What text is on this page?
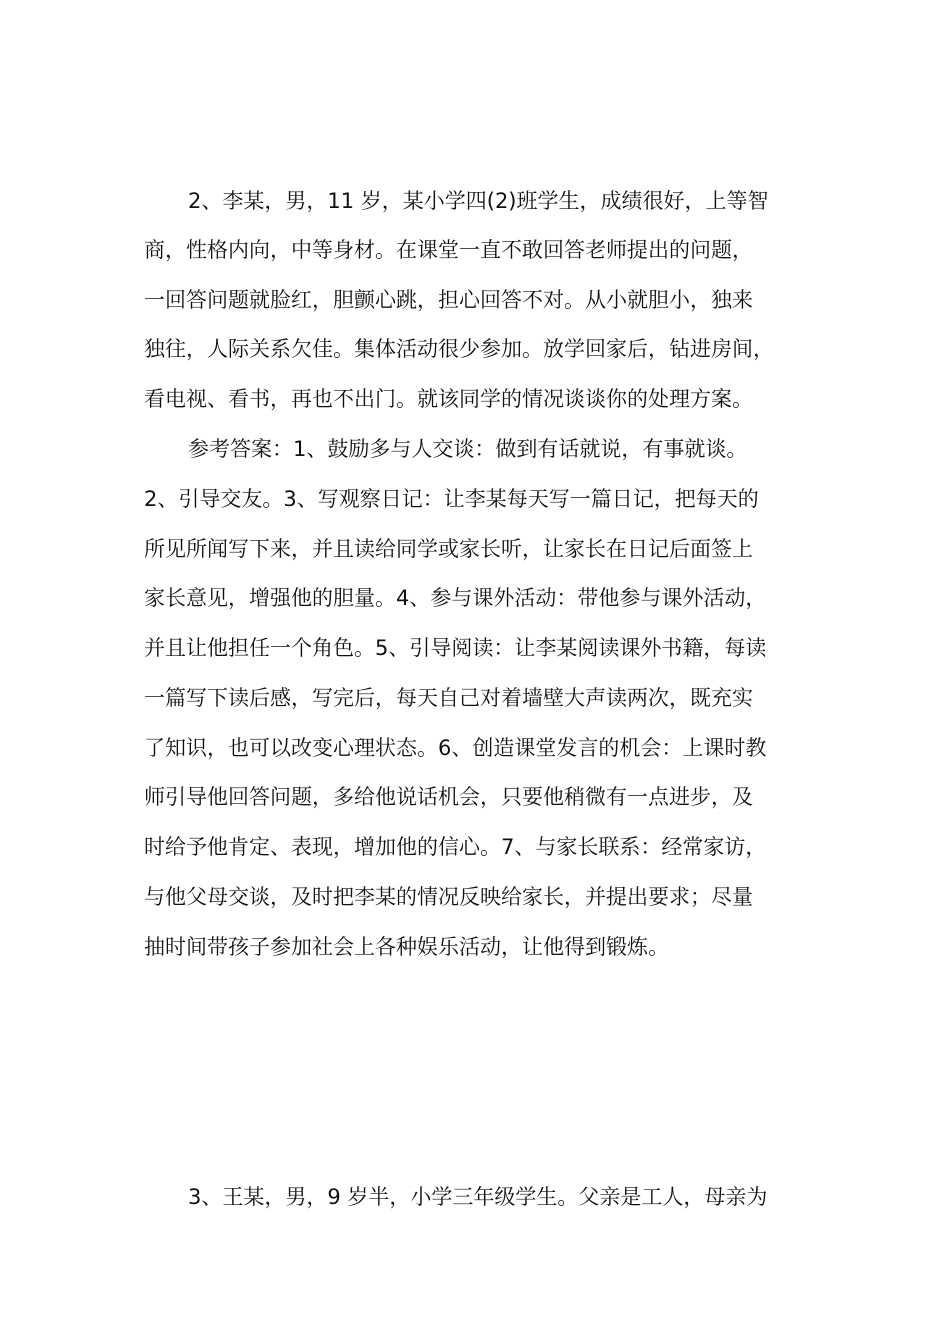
2、李某，男，11 岁，某小学四(2)班学生，成绩很好，上等智
商，性格内向，中等身材。在课堂一直不敢回答老师提出的问题，
一回答问题就脸红，胆颤心跳，担心回答不对。从小就胆小，独来
独往，人际关系欠佳。集体活动很少参加。放学回家后，钻进房间，
看电视、看书，再也不出门。就该同学的情况谈谈你的处理方案。
参考答案：1、鼓励多与人交谈：做到有话就说，有事就谈。
2、引导交友。3、写观察日记：让李某每天写一篇日记，把每天的
所见所闻写下来，并且读给同学或家长听，让家长在日记后面签上
家长意见，增强他的胆量。4、参与课外活动：带他参与课外活动，
并且让他担任一个角色。5、引导阅读：让李某阅读课外书籍，每读
一篇写下读后感，写完后，每天自己对着墙壁大声读两次，既充实
了知识，也可以改变心理状态。6、创造课堂发言的机会：上课时教
师引导他回答问题，多给他说话机会，只要他稍微有一点进步，及
时给予他肯定、表现，增加他的信心。7、与家长联系：经常家访，
与他父母交谈，及时把李某的情况反映给家长，并提出要求；尽量
抽时间带孩子参加社会上各种娱乐活动，让他得到锻炼。
3、王某，男，9 岁半，小学三年级学生。父亲是工人，母亲为
